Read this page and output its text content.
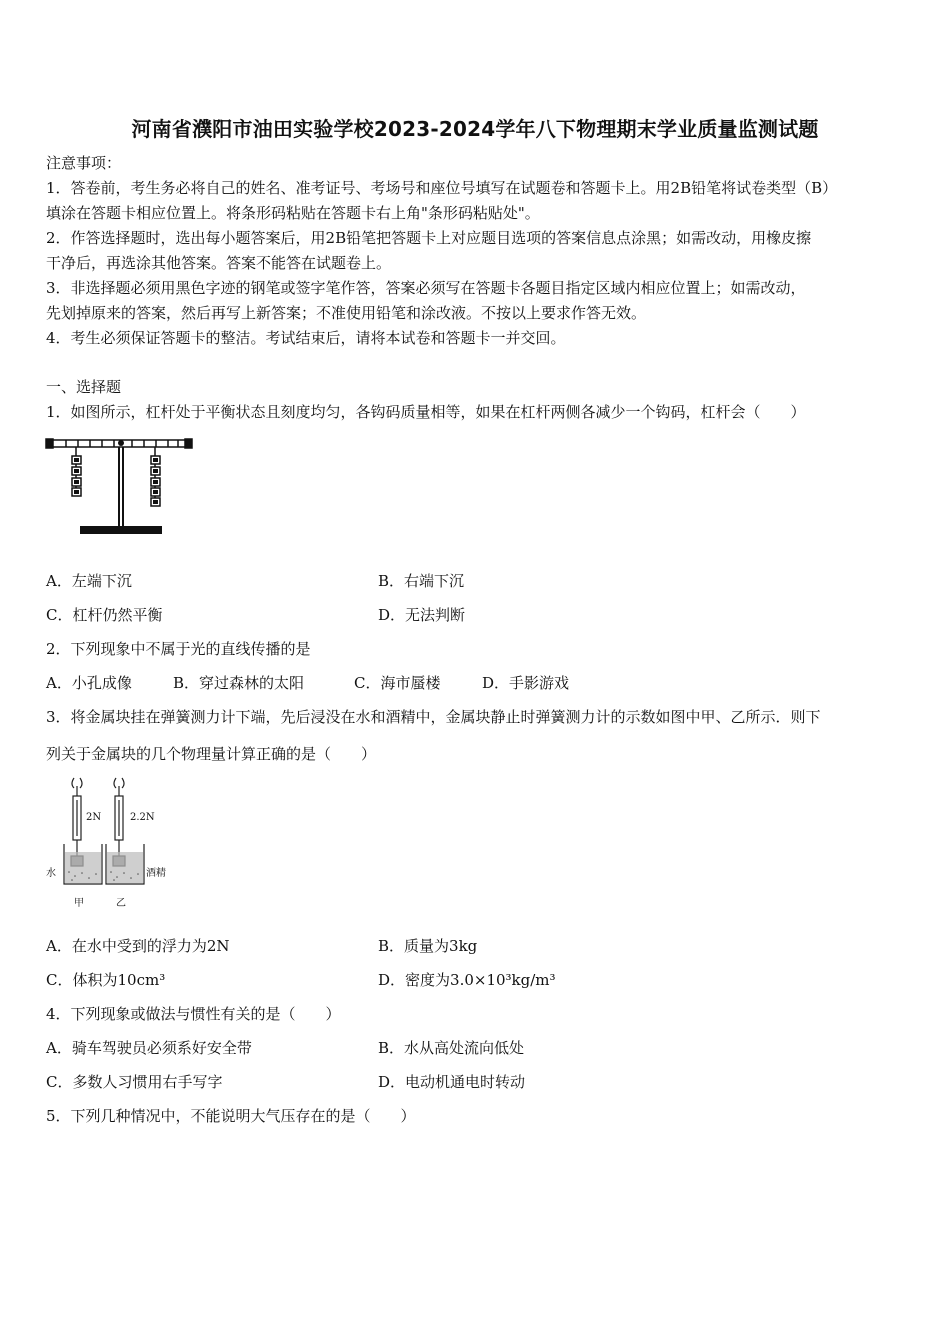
河南省濮阳市油田实验学校2023-2024学年八下物理期末学业质量监测试题
注意事项：
1．答卷前，考生务必将自己的姓名、准考证号、考场号和座位号填写在试题卷和答题卡上。用2B铅笔将试卷类型（B）
填涂在答题卡相应位置上。将条形码粘贴在答题卡右上角"条形码粘贴处"。
2．作答选择题时，选出每小题答案后，用2B铅笔把答题卡上对应题目选项的答案信息点涂黑；如需改动，用橡皮擦
干净后，再选涂其他答案。答案不能答在试题卷上。
3．非选择题必须用黑色字迹的钢笔或签字笔作答，答案必须写在答题卡各题目指定区域内相应位置上；如需改动，
先划掉原来的答案，然后再写上新答案；不准使用铅笔和涂改液。不按以上要求作答无效。
4．考生必须保证答题卡的整洁。考试结束后，请将本试卷和答题卡一并交回。
一、选择题
1．如图所示，杠杆处于平衡状态且刻度均匀，各钩码质量相等，如果在杠杆两侧各减少一个钩码，杠杆会（　　）
A．左端下沉	B．右端下沉
C．杠杆仍然平衡	D．无法判断
2．下列现象中不属于光的直线传播的是
A．小孔成像	B．穿过森林的太阳	C．海市蜃楼	D．手影游戏
3．将金属块挂在弹簧测力计下端，先后浸没在水和酒精中，金属块静止时弹簧测力计的示数如图中甲、乙所示．则下
列关于金属块的几个物理量计算正确的是（　　）
2N	2.2N
水	酒精
甲	乙
A．在水中受到的浮力为2N	B．质量为3kg
C．体积为10cm³	D．密度为3.0×10³kg/m³
4．下列现象或做法与惯性有关的是（　　）
A．骑车驾驶员必须系好安全带	B．水从高处流向低处
C．多数人习惯用右手写字	D．电动机通电时转动
5．下列几种情况中，不能说明大气压存在的是（　　）
